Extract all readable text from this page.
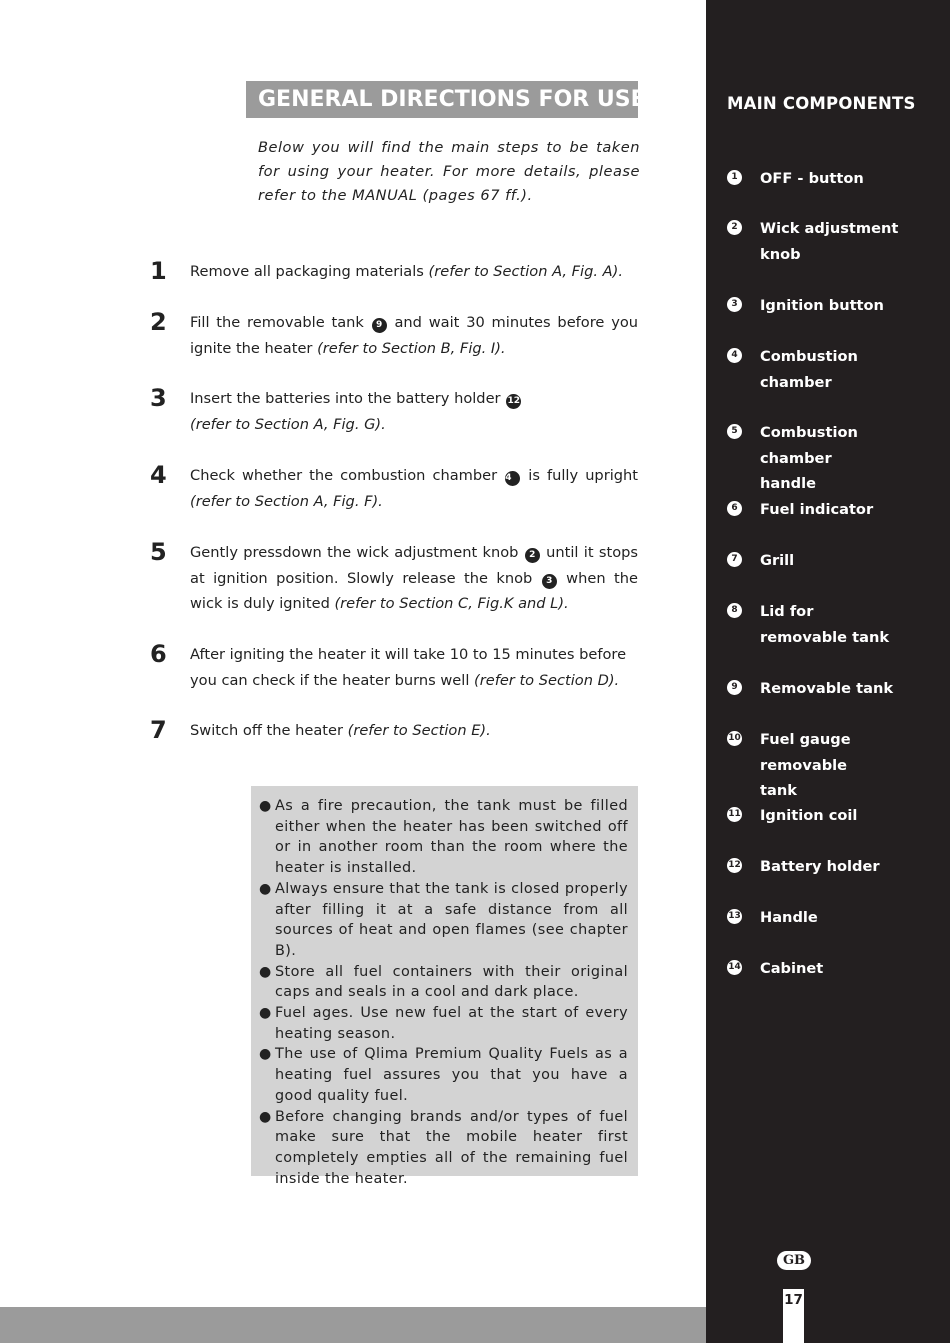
GENERAL DIRECTIONS FOR USE

Below you will find the main steps to be taken for using your heater. For more details, please refer to the MANUAL (pages 67 ff.).

1 Remove all packaging materials (refer to Section A, Fig. A).
2 Fill the removable tank 9 and wait 30 minutes before you ignite the heater (refer to Section B, Fig. I).
3 Insert the batteries into the battery holder 12
(refer to Section A, Fig. G).
4 Check whether the combustion chamber 4 is fully upright
(refer to Section A, Fig. F).
5 Gently pressdown the wick adjustment knob 2 until it stops at ignition position. Slowly release the knob 3 when the wick is duly ignited (refer to Section C, Fig.K and L).
6 After igniting the heater it will take 10 to 15 minutes before you can check if the heater burns well (refer to Section D).
7 Switch off the heater (refer to Section E).
● As a fire precaution, the tank must be filled either when the heater has been switched off or in another room than the room where the heater is installed.
● Always ensure that the tank is closed properly after filling it at a safe distance from all sources of heat and open flames (see chapter B).
● Store all fuel containers with their original caps and seals in a cool and dark place.
● Fuel ages. Use new fuel at the start of every heating season.
● The use of Qlima Premium Quality Fuels as a heating fuel assures you that you have a good quality fuel.
● Before changing brands and/or types of fuel make sure that the mobile heater first completely empties all of the remaining fuel inside the heater.
MAIN COMPONENTS
1 OFF - button
2 Wick adjustment knob
3 Ignition button
4 Combustion chamber
5 Combustion chamber handle
6 Fuel indicator
7 Grill
8 Lid for removable tank
9 Removable tank
10 Fuel gauge removable tank
11 Ignition coil
12 Battery holder
13 Handle
14 Cabinet
GB
17
